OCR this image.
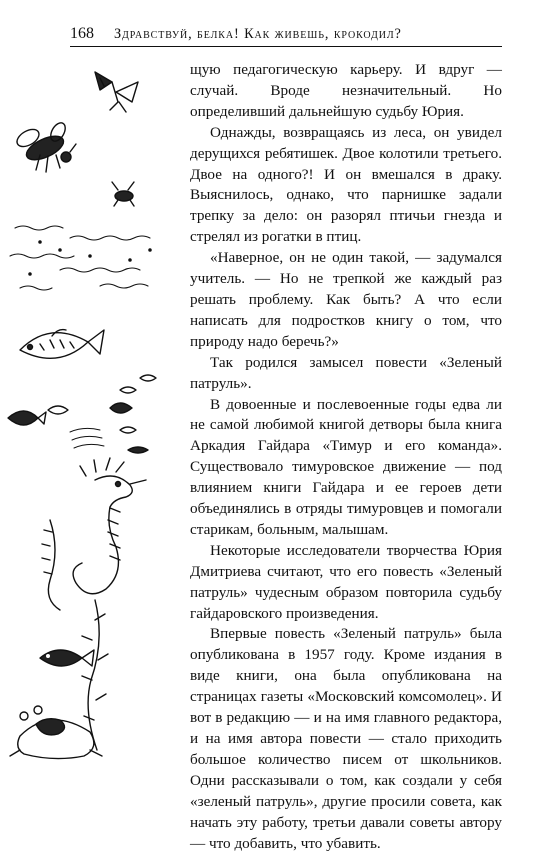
168 Здравствуй, белка! Как живешь, крокодил?

щую педагогическую карьеру. И вдруг — случай. Вроде незначительный. Но определивший дальнейшую судьбу Юрия.

Однажды, возвращаясь из леса, он увидел дерущихся ребятишек. Двое колотили третьего. Двое на одного?! И он вмешался в драку. Выяснилось, однако, что парнишке задали трепку за дело: он разорял птичьи гнезда и стрелял из рогатки в птиц.

«Наверное, он не один такой, — задумался учитель. — Но не трепкой же каждый раз решать проблему. Как быть? А что если написать для подростков книгу о том, что природу надо беречь?»

Так родился замысел повести «Зеленый патруль».

В довоенные и послевоенные годы едва ли не самой любимой книгой детворы была книга Аркадия Гайдара «Тимур и его команда». Существовало тимуровское движение — под влиянием книги Гайдара и ее героев дети объединялись в отряды тимуровцев и помогали старикам, больным, малышам.

Некоторые исследователи творчества Юрия Дмитриева считают, что его повесть «Зеленый патруль» чудесным образом повторила судьбу гайдаровского произведения.

Впервые повесть «Зеленый патруль» была опубликована в 1957 году. Кроме издания в виде книги, она была опубликована на страницах газеты «Московский комсомолец». И вот в редакцию — и на имя главного редактора, и на имя автора повести — стало приходить большое количество писем от школьников. Одни рассказывали о том, как создали у себя «зеленый патруль», другие просили совета, как начать эту работу, третьи давали советы автору — что добавить, что убавить.
